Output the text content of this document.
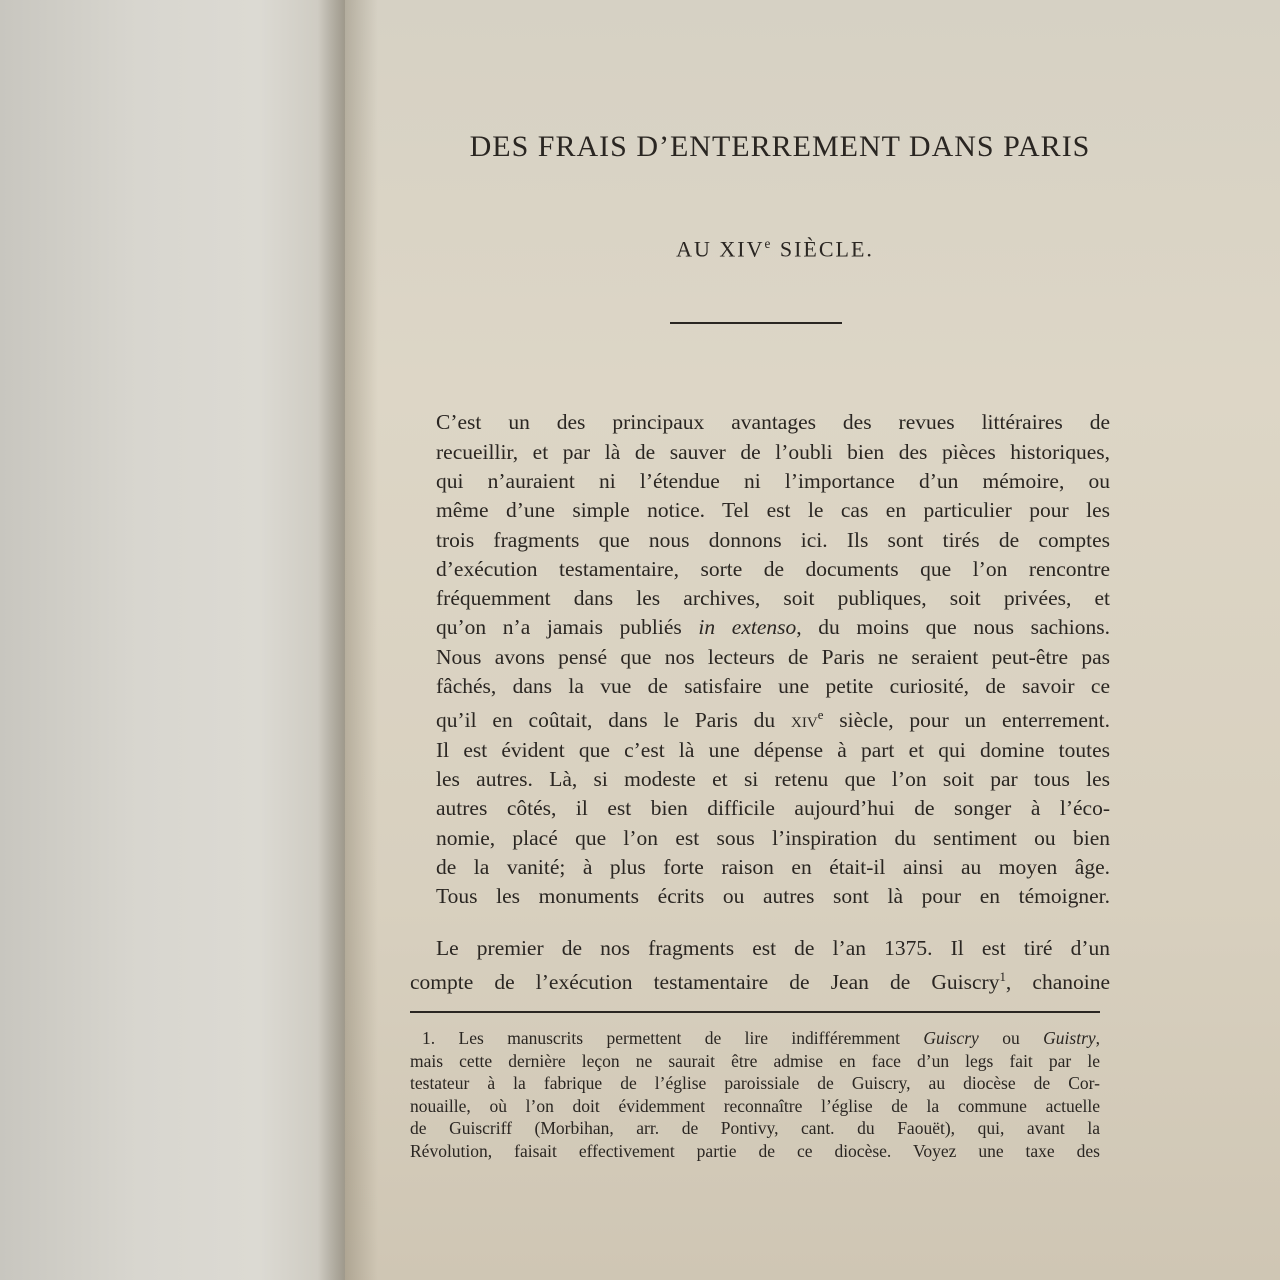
DES FRAIS D’ENTERREMENT DANS PARIS
AU XIVe SIÈCLE.

C’est un des principaux avantages des revues littéraires de
recueillir, et par là de sauver de l’oubli bien des pièces historiques,
qui n’auraient ni l’étendue ni l’importance d’un mémoire, ou
même d’une simple notice. Tel est le cas en particulier pour les
trois fragments que nous donnons ici. Ils sont tirés de comptes
d’exécution testamentaire, sorte de documents que l’on rencontre
fréquemment dans les archives, soit publiques, soit privées, et
qu’on n’a jamais publiés in extenso, du moins que nous sachions.
Nous avons pensé que nos lecteurs de Paris ne seraient peut-être pas
fâchés, dans la vue de satisfaire une petite curiosité, de savoir ce
qu’il en coûtait, dans le Paris du xiv$^e$ siècle, pour un enterrement.
Il est évident que c’est là une dépense à part et qui domine toutes
les autres. Là, si modeste et si retenu que l’on soit par tous les
autres côtés, il est bien difficile aujourd’hui de songer à l’éco-
nomie, placé que l’on est sous l’inspiration du sentiment ou bien
de la vanité; à plus forte raison en était-il ainsi au moyen âge.
Tous les monuments écrits ou autres sont là pour en témoigner.

Le premier de nos fragments est de l’an 1375. Il est tiré d’un
compte de l’exécution testamentaire de Jean de Guiscry$^1$, chanoine

1. Les manuscrits permettent de lire indifféremment Guiscry ou Guistry,
mais cette dernière leçon ne saurait être admise en face d’un legs fait par le
testateur à la fabrique de l’église paroissiale de Guiscry, au diocèse de Cor-
nouaille, où l’on doit évidemment reconnaître l’église de la commune actuelle
de Guiscriff (Morbihan, arr. de Pontivy, cant. du Faouët), qui, avant la
Révolution, faisait effectivement partie de ce diocèse. Voyez une taxe des
